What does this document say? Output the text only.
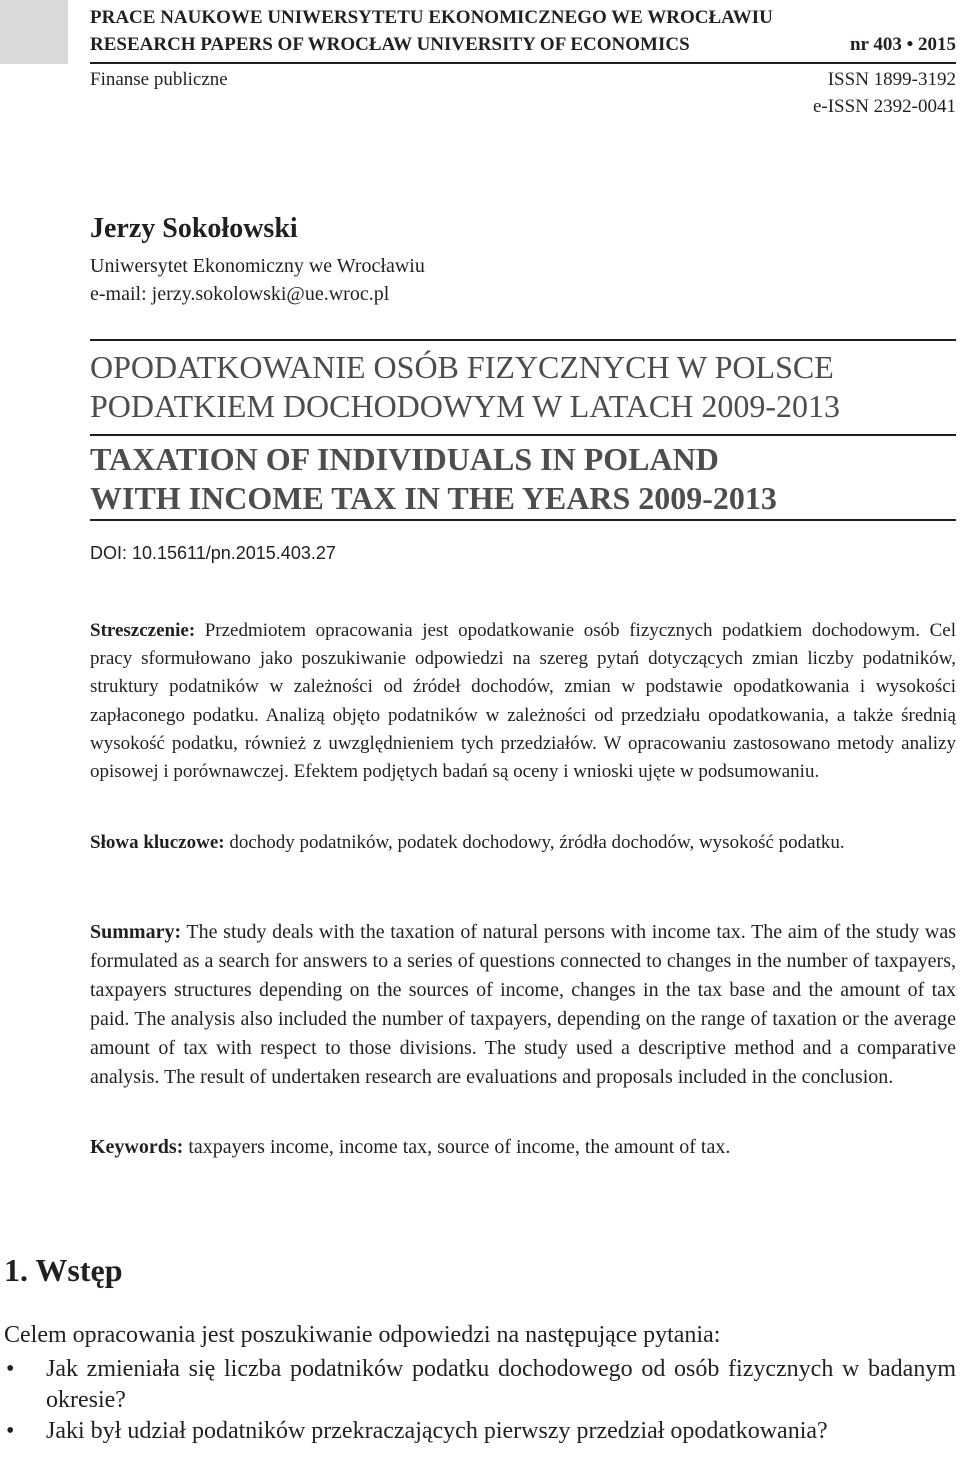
PRACE NAUKOWE UNIWERSYTETU EKONOMICZNEGO WE WROCŁAWIU
RESEARCH PAPERS OF WROCŁAW UNIVERSITY OF ECONOMICS	nr 403 • 2015
Finanse publiczne	ISSN 1899-3192
e-ISSN 2392-0041
Jerzy Sokołowski
Uniwersytet Ekonomiczny we Wrocławiu
e-mail: jerzy.sokolowski@ue.wroc.pl
OPODATKOWANIE OSÓB FIZYCZNYCH W POLSCE
PODATKIEM DOCHODOWYM W LATACH 2009-2013
TAXATION OF INDIVIDUALS IN POLAND
WITH INCOME TAX IN THE YEARS 2009-2013
DOI: 10.15611/pn.2015.403.27
Streszczenie: Przedmiotem opracowania jest opodatkowanie osób fizycznych podatkiem dochodowym. Cel pracy sformułowano jako poszukiwanie odpowiedzi na szereg pytań dotyczących zmian liczby podatników, struktury podatników w zależności od źródeł dochodów, zmian w podstawie opodatkowania i wysokości zapłaconego podatku. Analizą objęto podatników w zależności od przedziału opodatkowania, a także średnią wysokość podatku, również z uwzględnieniem tych przedziałów. W opracowaniu zastosowano metody analizy opisowej i porównawczej. Efektem podjętych badań są oceny i wnioski ujęte w podsumowaniu.
Słowa kluczowe: dochody podatników, podatek dochodowy, źródła dochodów, wysokość podatku.
Summary: The study deals with the taxation of natural persons with income tax. The aim of the study was formulated as a search for answers to a series of questions connected to changes in the number of taxpayers, taxpayers structures depending on the sources of income, changes in the tax base and the amount of tax paid. The analysis also included the number of taxpayers, depending on the range of taxation or the average amount of tax with respect to those divisions. The study used a descriptive method and a comparative analysis. The result of undertaken research are evaluations and proposals included in the conclusion.
Keywords: taxpayers income, income tax, source of income, the amount of tax.
1. Wstęp
Celem opracowania jest poszukiwanie odpowiedzi na następujące pytania:
• Jak zmieniała się liczba podatników podatku dochodowego od osób fizycznych w badanym okresie?
• Jaki był udział podatników przekraczających pierwszy przedział opodatkowania?
